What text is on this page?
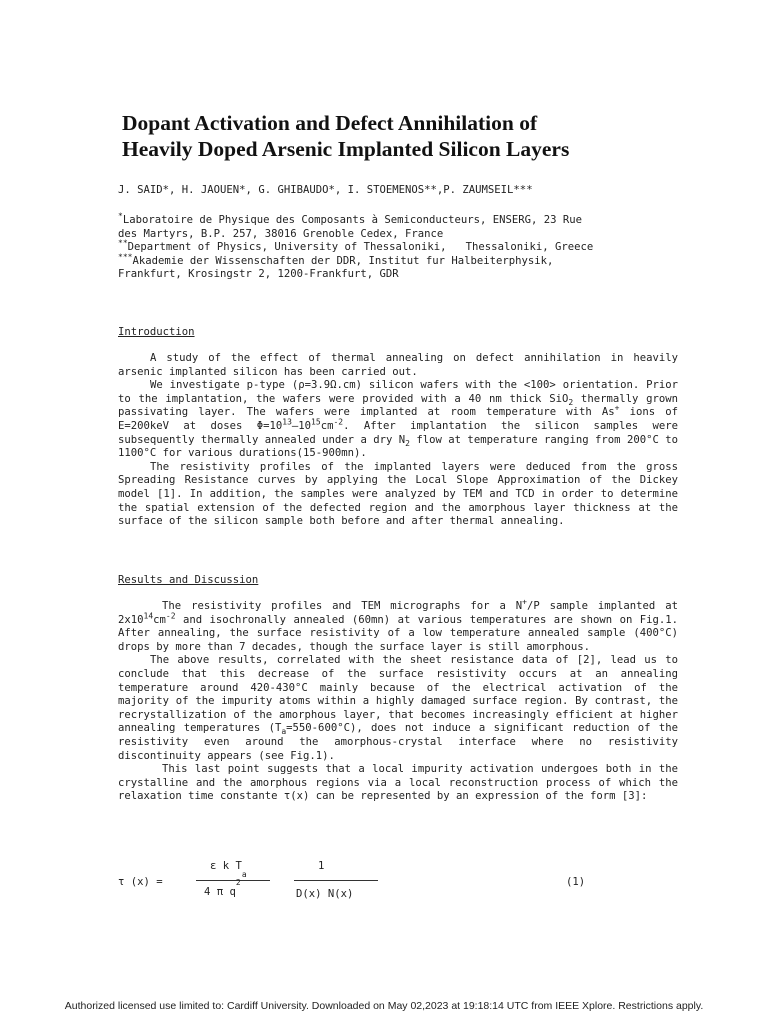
Dopant Activation and Defect Annihilation of
Heavily Doped Arsenic Implanted Silicon Layers

J. SAID*, H. JAOUEN*, G. GHIBAUDO*, I. STOEMENOS**,P. ZAUMSEIL***

*Laboratoire de Physique des Composants à Semiconducteurs, ENSERG, 23 Rue
des Martyrs, B.P. 257, 38016 Grenoble Cedex, France
**Department of Physics, University of Thessaloniki,   Thessaloniki, Greece
***Akademie der Wissenschaften der DDR, Institut fur Halbeiterphysik,
Frankfurt, Krosingstr 2, 1200-Frankfurt, GDR

Introduction

A study of the effect of thermal annealing on defect annihilation in heavily arsenic implanted silicon has been carried out.

We investigate p-type (ρ=3.9Ω.cm) silicon wafers with the <100> orientation. Prior to the implantation, the wafers were provided with a 40 nm thick SiO$_2$ thermally grown passivating layer. The wafers were implanted at room temperature with As+ ions of E=200keV at doses $\Phi=10^{13}-10^{15}cm^{-2}$. After implantation the silicon samples were subsequently thermally annealed under a dry $N_2$ flow at temperature ranging from 200°C to 1100°C for various durations(15-900mn).

The resistivity profiles of the implanted layers were deduced from the gross Spreading Resistance curves by applying the Local Slope Approximation of the Dickey model [1]. In addition, the samples were analyzed by TEM and TCD in order to determine the spatial extension of the defected region and the amorphous layer thickness at the surface of the silicon sample both before and after thermal annealing.

Results and Discussion

The resistivity profiles and TEM micrographs for a N+/P sample implanted at $2x10^{14}cm^{-2}$ and isochronally annealed (60mn) at various temperatures are shown on Fig.1. After annealing, the surface resistivity of a low temperature annealed sample (400°C) drops by more than 7 decades, though the surface layer is still amorphous.

The above results, correlated with the sheet resistance data of [2], lead us to conclude that this decrease of the surface resistivity occurs at an annealing temperature around 420-430°C mainly because of the electrical activation of the majority of the impurity atoms within a highly damaged surface region. By contrast, the recrystallization of the amorphous layer, that becomes increasingly efficient at higher annealing temperatures $(T_a=550-600^\circ C)$, does not induce a significant reduction of the resistivity even around the amorphous-crystal interface where no resistivity discontinuity appears (see Fig.1).

This last point suggests that a local impurity activation undergoes both in the crystalline and the amorphous regions via a local reconstruction process of which the relaxation time constante τ(x) can be represented by an expression of the form [3]:

τ (x) =
ε k $T_a$
4 π $q^2$
1
D(x) N(x)
(1)
Authorized licensed use limited to: Cardiff University. Downloaded on May 02,2023 at 19:18:14 UTC from IEEE Xplore. Restrictions apply.
